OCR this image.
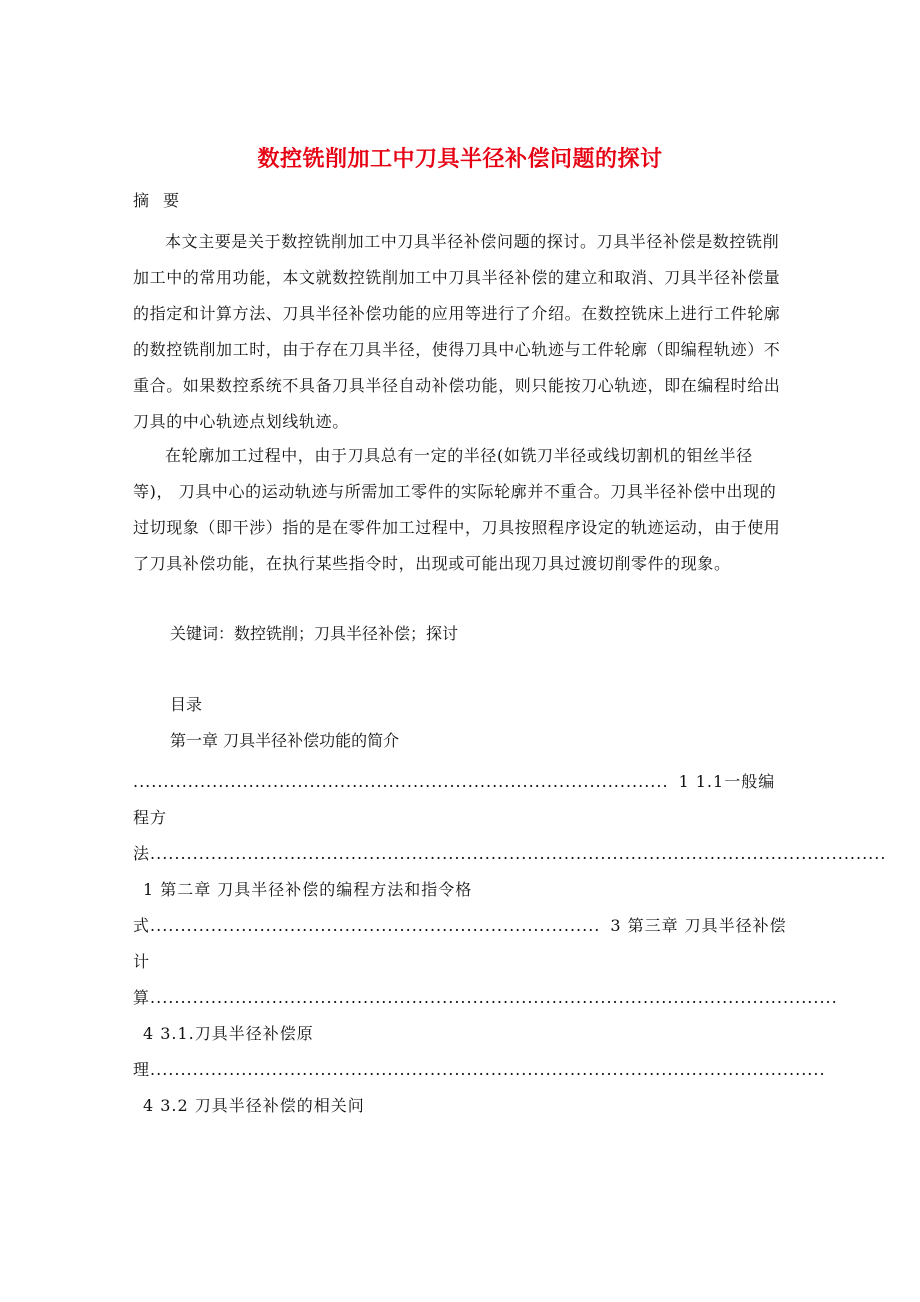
数控铣削加工中刀具半径补偿问题的探讨
摘要

本文主要是关于数控铣削加工中刀具半径补偿问题的探讨。刀具半径补偿是数控铣削加工中的常用功能，本文就数控铣削加工中刀具半径补偿的建立和取消、刀具半径补偿量的指定和计算方法、刀具半径补偿功能的应用等进行了介绍。在数控铣床上进行工件轮廓的数控铣削加工时，由于存在刀具半径，使得刀具中心轨迹与工件轮廓（即编程轨迹）不重合。如果数控系统不具备刀具半径自动补偿功能，则只能按刀心轨迹，即在编程时给出刀具的中心轨迹点划线轨迹。

在轮廓加工过程中，由于刀具总有一定的半径(如铣刀半径或线切割机的钼丝半径等)， 刀具中心的运动轨迹与所需加工零件的实际轮廓并不重合。刀具半径补偿中出现的过切现象（即干涉）指的是在零件加工过程中，刀具按照程序设定的轨迹运动，由于使用了刀具补偿功能，在执行某些指令时，出现或可能出现刀具过渡切削零件的现象。

关键词：数控铣削；刀具半径补偿；探讨
目录
第一章 刀具半径补偿功能的简介

........................................................................................ 1 1.1一般编程方法.........................................................................................................................1 第二章 刀具半径补偿的编程方法和指令格式.......................................................................... 3 第三章 刀具半径补偿计算.................................................................................................................4 3.1.刀具半径补偿原理...............................................................................................................4 3.2 刀具半径补偿的相关问
